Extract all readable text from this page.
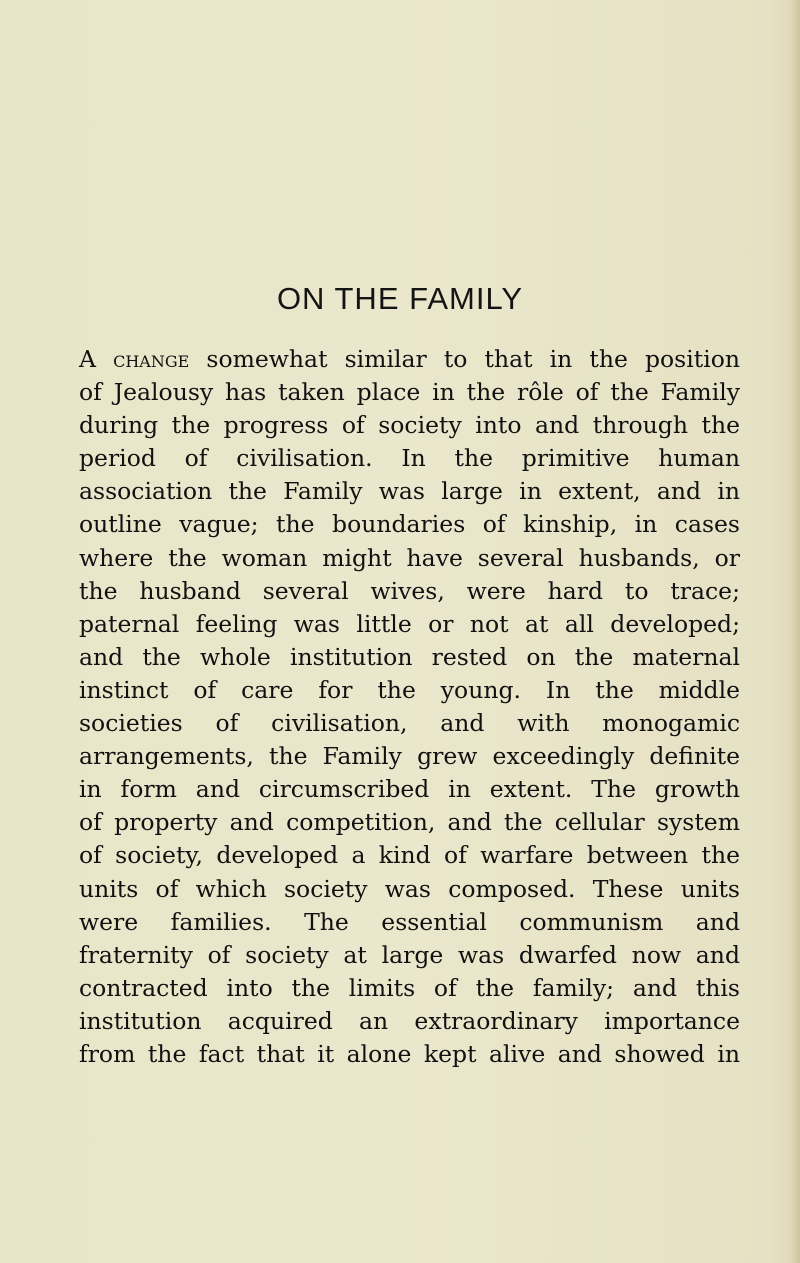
ON THE FAMILY
A change somewhat similar to that in the position
of Jealousy has taken place in the rôle of the Family
during the progress of society into and through the
period of civilisation. In the primitive human
association the Family was large in extent, and in
outline vague; the boundaries of kinship, in cases
where the woman might have several husbands, or
the husband several wives, were hard to trace;
paternal feeling was little or not at all developed;
and the whole institution rested on the maternal
instinct of care for the young. In the middle
societies of civilisation, and with monogamic
arrangements, the Family grew exceedingly definite
in form and circumscribed in extent. The growth
of property and competition, and the cellular system
of society, developed a kind of warfare between the
units of which society was composed. These units
were families. The essential communism and
fraternity of society at large was dwarfed now and
contracted into the limits of the family; and this
institution acquired an extraordinary importance
from the fact that it alone kept alive and showed in
